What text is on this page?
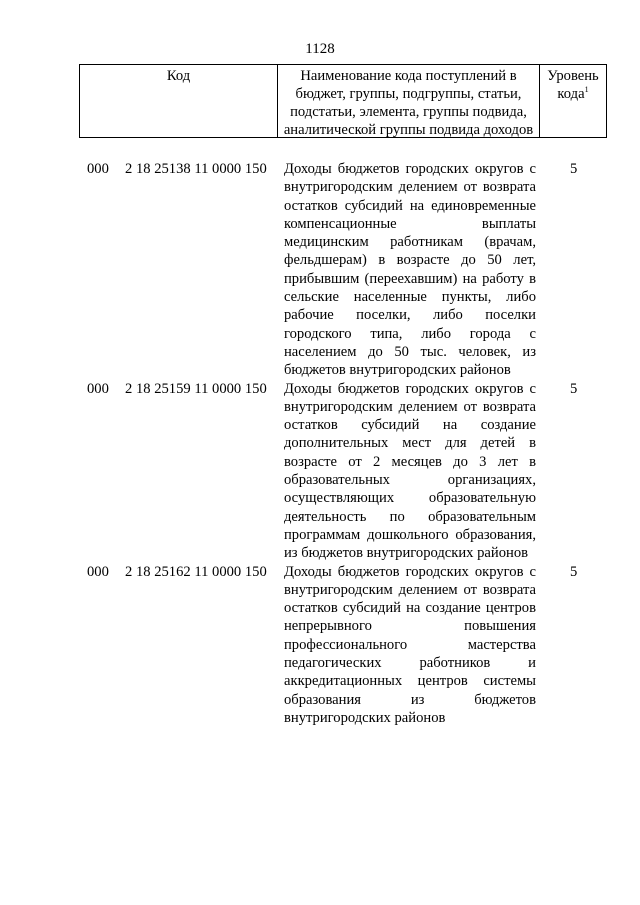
1128
Код	Наименование кода поступлений в бюджет, группы, подгруппы, статьи, подстатьи, элемента, группы подвида, аналитической группы подвида доходов
Уровень
кода$^1$
000 2 18 25138 11 0000 150 Доходы бюджетов городских округов с внутригородским делением от возврата остатков субсидий на единовременные компенсационные выплаты медицинским работникам (врачам, фельдшерам) в возрасте до 50 лет, прибывшим (переехавшим) на работу в сельские населенные пункты, либо рабочие поселки, либо поселки городского типа, либо города с населением до 50 тыс. человек, из бюджетов внутригородских районов
5
000 2 18 25159 11 0000 150 Доходы бюджетов городских округов с внутригородским делением от возврата остатков субсидий на создание дополнительных мест для детей в возрасте от 2 месяцев до 3 лет в образовательных организациях, осуществляющих образовательную деятельность по образовательным программам дошкольного образования, из бюджетов внутригородских районов
5
000 2 18 25162 11 0000 150 Доходы бюджетов городских округов с внутригородским делением от возврата остатков субсидий на создание центров непрерывного повышения профессионального мастерства педагогических работников и аккредитационных центров системы образования из бюджетов внутригородских районов
5
